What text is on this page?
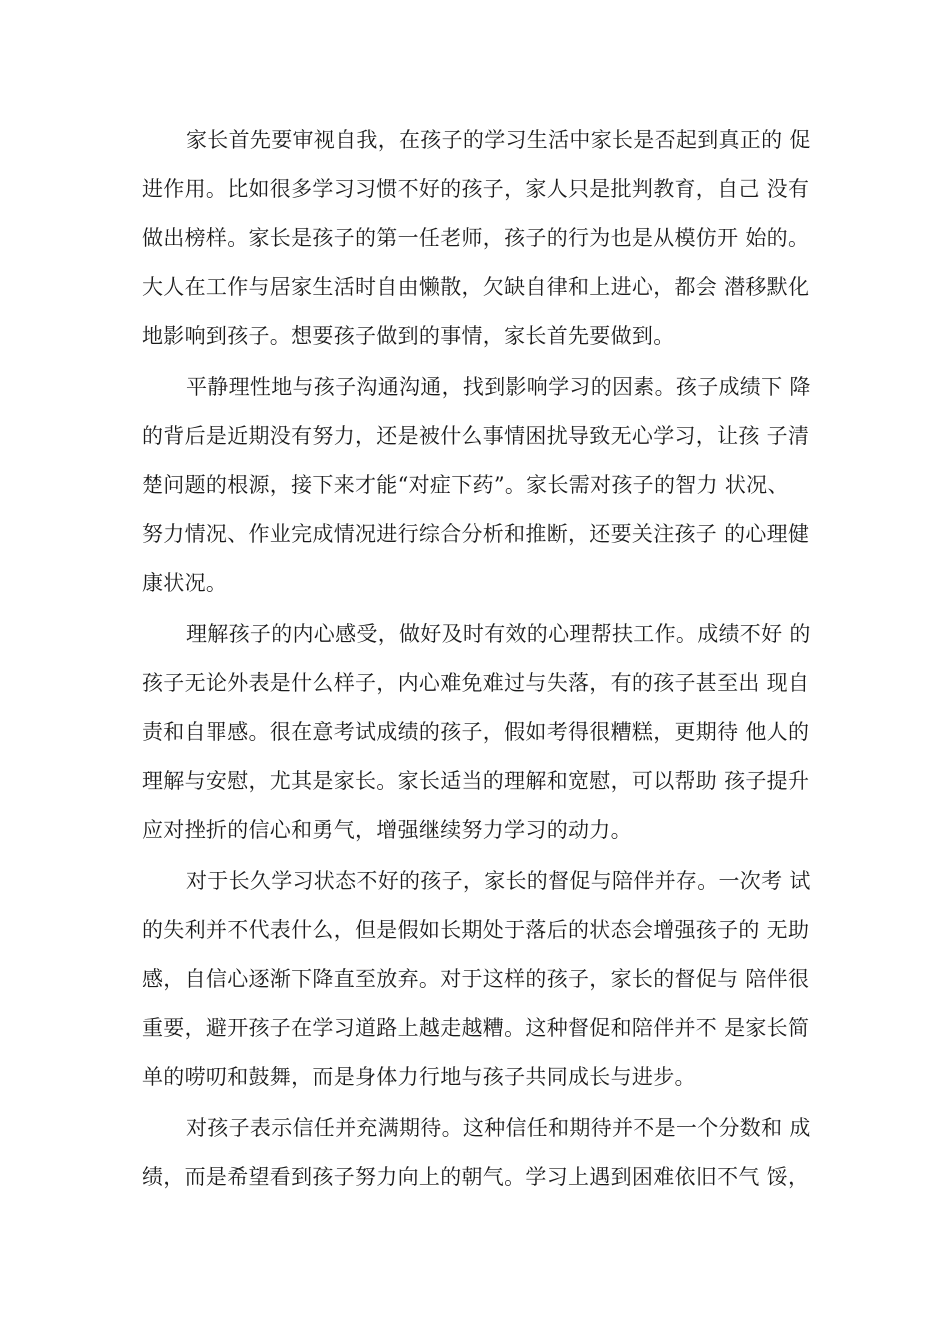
家长首先要审视自我，在孩子的学习生活中家长是否起到真正的 促

进作用。比如很多学习习惯不好的孩子，家人只是批判教育，自己 没有

做出榜样。家长是孩子的第一任老师，孩子的行为也是从模仿开 始的。

大人在工作与居家生活时自由懒散，欠缺自律和上进心，都会 潜移默化

地影响到孩子。想要孩子做到的事情，家长首先要做到。

平静理性地与孩子沟通沟通，找到影响学习的因素。孩子成绩下 降

的背后是近期没有努力，还是被什么事情困扰导致无心学习，让孩 子清

楚问题的根源，接下来才能“对症下药”。家长需对孩子的智力 状况、

努力情况、作业完成情况进行综合分析和推断，还要关注孩子 的心理健

康状况。

理解孩子的内心感受，做好及时有效的心理帮扶工作。成绩不好 的

孩子无论外表是什么样子，内心难免难过与失落，有的孩子甚至出 现自

责和自罪感。很在意考试成绩的孩子，假如考得很糟糕，更期待 他人的

理解与安慰，尤其是家长。家长适当的理解和宽慰，可以帮助 孩子提升

应对挫折的信心和勇气，增强继续努力学习的动力。

对于长久学习状态不好的孩子，家长的督促与陪伴并存。一次考 试

的失利并不代表什么，但是假如长期处于落后的状态会增强孩子的 无助

感，自信心逐渐下降直至放弃。对于这样的孩子，家长的督促与 陪伴很

重要，避开孩子在学习道路上越走越糟。这种督促和陪伴并不 是家长简

单的唠叨和鼓舞，而是身体力行地与孩子共同成长与进步。

对孩子表示信任并充满期待。这种信任和期待并不是一个分数和 成

绩，而是希望看到孩子努力向上的朝气。学习上遇到困难依旧不气 馁，
